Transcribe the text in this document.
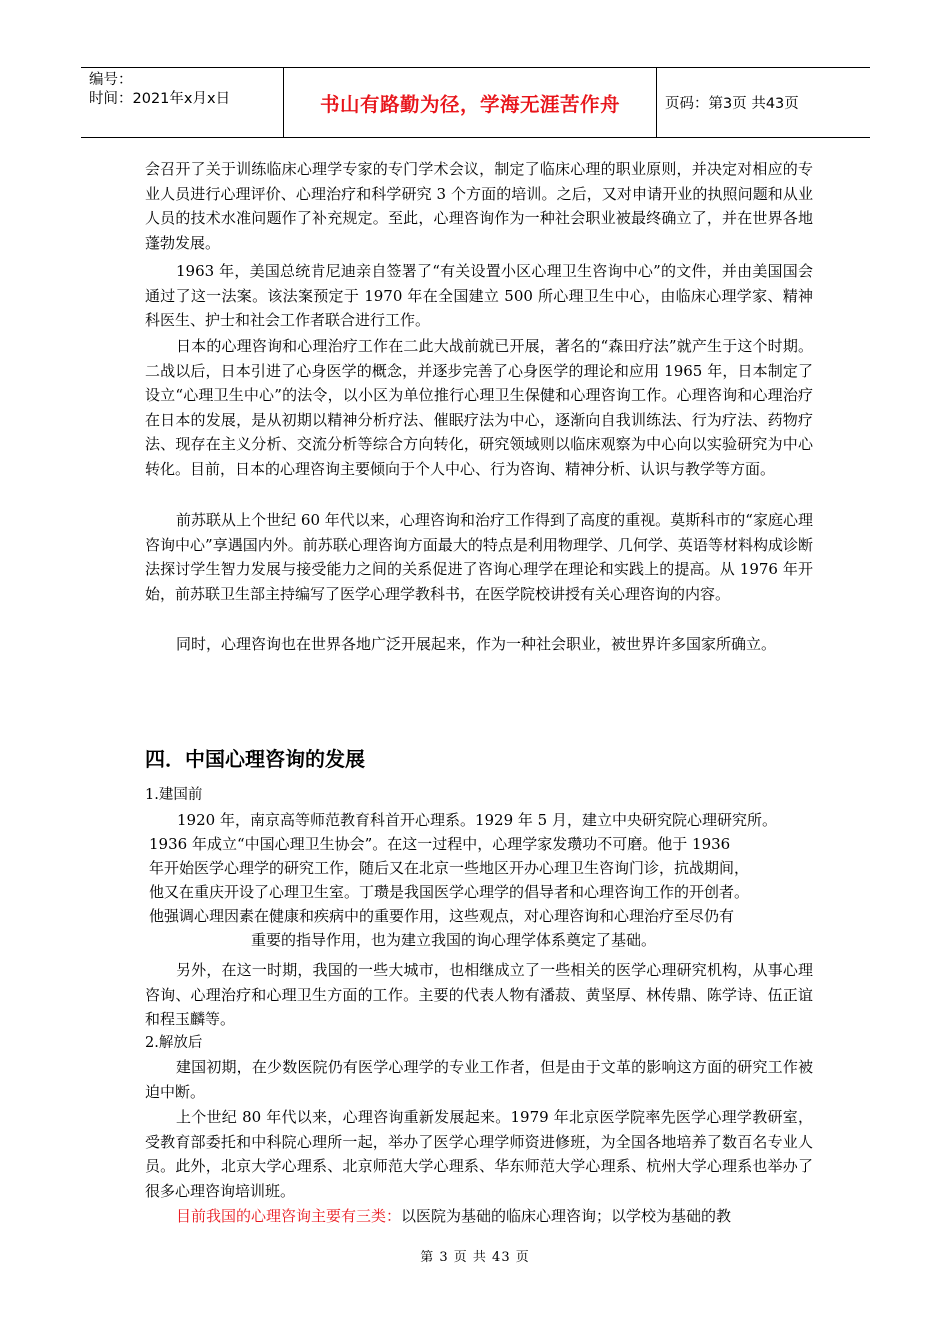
编号：
时间：2021年x月x日	书山有路勤为径，学海无涯苦作舟	页码：第3页 共43页

会召开了关于训练临床心理学专家的专门学术会议，制定了临床心理的职业原则，并决定对相应的专业人员进行心理评价、心理治疗和科学研究 3 个方面的培训。之后，又对申请开业的执照问题和从业人员的技术水准问题作了补充规定。至此，心理咨询作为一种社会职业被最终确立了，并在世界各地蓬勃发展。

1963 年，美国总统肯尼迪亲自签署了“有关设置小区心理卫生咨询中心”的文件，并由美国国会通过了这一法案。该法案预定于 1970 年在全国建立 500 所心理卫生中心，由临床心理学家、精神科医生、护士和社会工作者联合进行工作。

日本的心理咨询和心理治疗工作在二此大战前就已开展，著名的“森田疗法”就产生于这个时期。二战以后，日本引进了心身医学的概念，并逐步完善了心身医学的理论和应用 1965 年，日本制定了设立“心理卫生中心”的法令，以小区为单位推行心理卫生保健和心理咨询工作。心理咨询和心理治疗在日本的发展，是从初期以精神分析疗法、催眠疗法为中心，逐渐向自我训练法、行为疗法、药物疗法、现存在主义分析、交流分析等综合方向转化，研究领域则以临床观察为中心向以实验研究为中心转化。目前，日本的心理咨询主要倾向于个人中心、行为咨询、精神分析、认识与教学等方面。

前苏联从上个世纪 60 年代以来，心理咨询和治疗工作得到了高度的重视。莫斯科市的“家庭心理咨询中心”享遇国内外。前苏联心理咨询方面最大的特点是利用物理学、几何学、英语等材料构成诊断法探讨学生智力发展与接受能力之间的关系促进了咨询心理学在理论和实践上的提高。从 1976 年开始，前苏联卫生部主持编写了医学心理学教科书，在医学院校讲授有关心理咨询的内容。

同时，心理咨询也在世界各地广泛开展起来，作为一种社会职业，被世界许多国家所确立。

四．中国心理咨询的发展

1.建国前

1920 年，南京高等师范教育科首开心理系。1929 年 5 月，建立中央研究院心理研究所。

1936 年成立“中国心理卫生协会”。在这一过程中，心理学家发瓒功不可磨。他于 1936

年开始医学心理学的研究工作，随后又在北京一些地区开办心理卫生咨询门诊，抗战期间，

他又在重庆开设了心理卫生室。丁瓒是我国医学心理学的倡导者和心理咨询工作的开创者。

他强调心理因素在健康和疾病中的重要作用，这些观点，对心理咨询和心理治疗至尽仍有

重要的指导作用，也为建立我国的询心理学体系奠定了基础。

另外，在这一时期，我国的一些大城市，也相继成立了一些相关的医学心理研究机构，从事心理咨询、心理治疗和心理卫生方面的工作。主要的代表人物有潘菽、黄坚厚、林传鼎、陈学诗、伍正谊和程玉麟等。

2.解放后

建国初期，在少数医院仍有医学心理学的专业工作者，但是由于文革的影响这方面的研究工作被迫中断。

上个世纪 80 年代以来，心理咨询重新发展起来。1979 年北京医学院率先医学心理学教研室，受教育部委托和中科院心理所一起，举办了医学心理学师资进修班，为全国各地培养了数百名专业人员。此外，北京大学心理系、北京师范大学心理系、华东师范大学心理系、杭州大学心理系也举办了很多心理咨询培训班。

目前我国的心理咨询主要有三类：以医院为基础的临床心理咨询；以学校为基础的教

第 3 页 共 43 页
